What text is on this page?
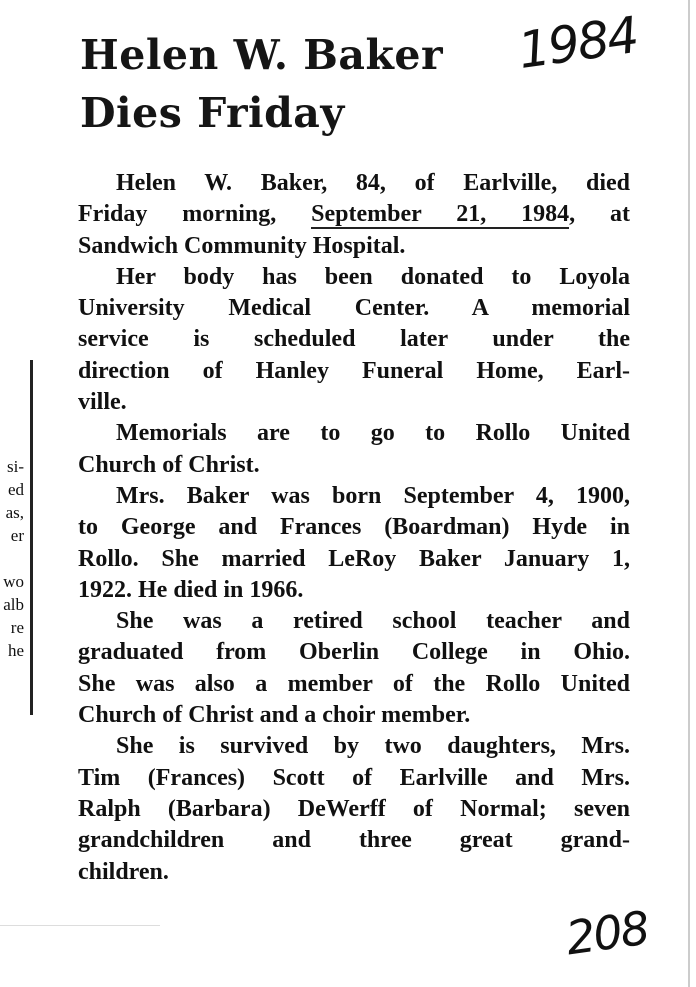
Helen W. Baker
Dies Friday
1984
208
si-
ed
as,
er
wo
alb
re
he
Helen W. Baker, 84, of Earlville, died
Friday morning, September 21, 1984, at
Sandwich Community Hospital.
Her body has been donated to Loyola
University Medical Center. A memorial
service is scheduled later under the
direction of Hanley Funeral Home, Earl-
ville.
Memorials are to go to Rollo United
Church of Christ.
Mrs. Baker was born September 4, 1900,
to George and Frances (Boardman) Hyde in
Rollo. She married LeRoy Baker January 1,
1922. He died in 1966.
She was a retired school teacher and
graduated from Oberlin College in Ohio.
She was also a member of the Rollo United
Church of Christ and a choir member.
She is survived by two daughters, Mrs.
Tim (Frances) Scott of Earlville and Mrs.
Ralph (Barbara) DeWerff of Normal; seven
grandchildren and three great grand-
children.
